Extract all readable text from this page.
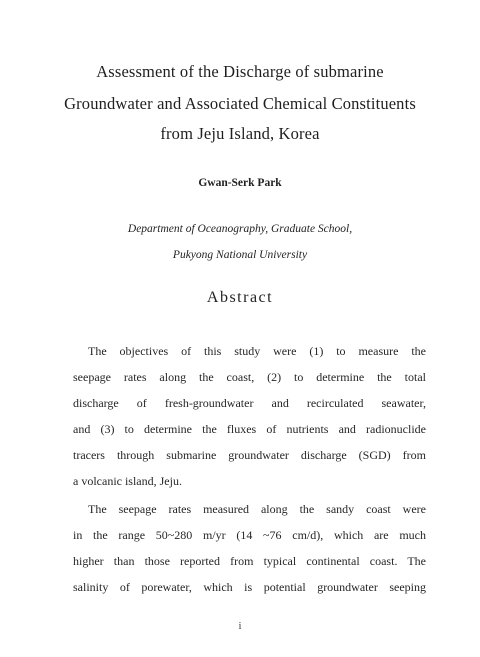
Assessment of the Discharge of submarine
Groundwater and Associated Chemical Constituents
from Jeju Island, Korea
Gwan-Serk Park
Department of Oceanography, Graduate School,
Pukyong National University
Abstract
The objectives of this study were (1) to measure the
seepage rates along the coast, (2) to determine the total
discharge of fresh-groundwater and recirculated seawater,
and (3) to determine the fluxes of nutrients and radionuclide
tracers through submarine groundwater discharge (SGD) from
a volcanic island, Jeju.
The seepage rates measured along the sandy coast were
in the range 50~280 m/yr (14 ~76 cm/d), which are much
higher than those reported from typical continental coast. The
salinity of porewater, which is potential groundwater seeping
i
